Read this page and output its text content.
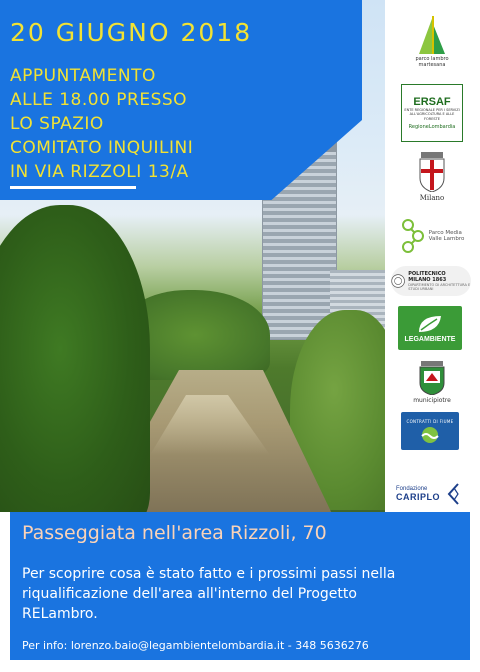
20 GIUGNO 2018
APPUNTAMENTO
ALLE 18.00 PRESSO
LO SPAZIO
COMITATO INQUILINI
IN VIA RIZZOLI 13/A
parco lambro
martesana
ERSAF
ENTE REGIONALE PER I SERVIZI ALL'AGRICOLTURA E ALLE FORESTE
RegioneLombardia
Milano
Parco Media
Valle Lambro
POLITECNICO
MILANO 1863
DIPARTIMENTO DI ARCHITETTURA E STUDI URBANI
LEGAMBIENTE
municipiotre
CONTRATTI DI FIUME
Fondazione
CARIPLO
Passeggiata nell'area Rizzoli, 70
Per scoprire cosa è stato fatto e i prossimi passi nella
riqualificazione dell'area all'interno del Progetto
RELambro.
Per info: lorenzo.baio@legambientelombardia.it - 348 5636276
